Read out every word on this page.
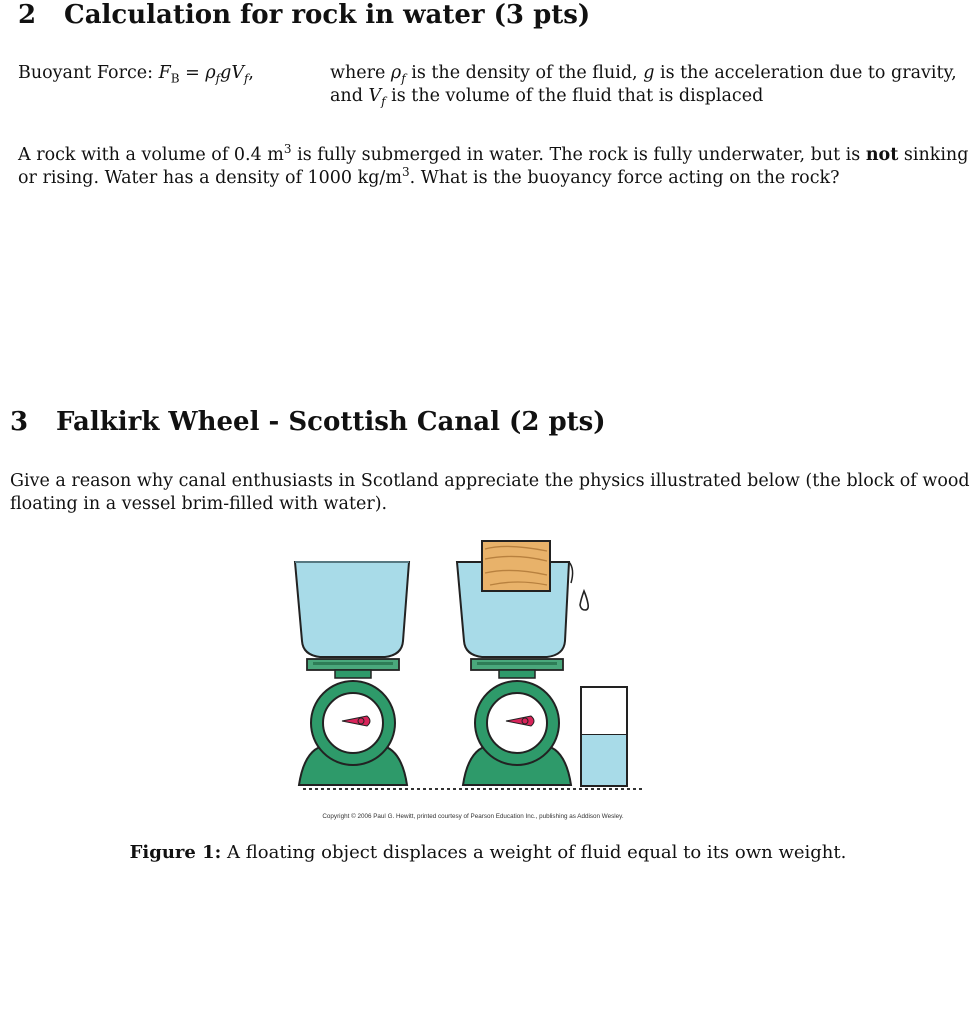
2 Calculation for rock in water (3 pts)
Buoyant Force: $F_B = \rho_fgV_f$,	where $\rho_f$ is the density of the fluid, g is the acceleration due to gravity,
and $V_f$ is the volume of the fluid that is displaced
A rock with a volume of 0.4 $m^3$ is fully submerged in water. The rock is fully underwater, but is not sinking
or rising. Water has a density of 1000 $kg/m^3$. What is the buoyancy force acting on the rock?
3 Falkirk Wheel - Scottish Canal (2 pts)
Give a reason why canal enthusiasts in Scotland appreciate the physics illustrated below (the block of wood
floating in a vessel brim-filled with water).
Copyright © 2006 Paul G. Hewitt, printed courtesy of Pearson Education Inc., publishing as Addison Wesley.
Figure 1: A floating object displaces a weight of fluid equal to its own weight.
